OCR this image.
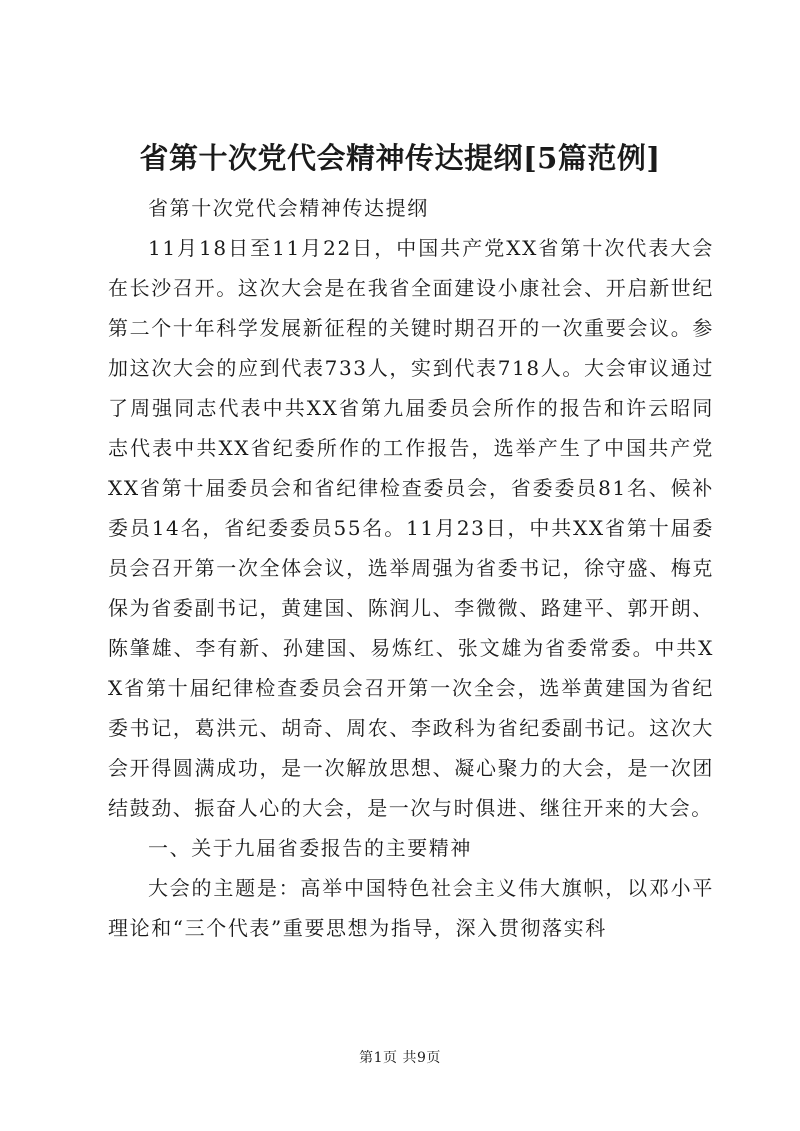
省第十次党代会精神传达提纲[5篇范例]

省第十次党代会精神传达提纲

11月18日至11月22日，中国共产党XX省第十次代表大会在长沙召开。这次大会是在我省全面建设小康社会、开启新世纪第二个十年科学发展新征程的关键时期召开的一次重要会议。参加这次大会的应到代表733人，实到代表718人。大会审议通过了周强同志代表中共XX省第九届委员会所作的报告和许云昭同志代表中共XX省纪委所作的工作报告，选举产生了中国共产党XX省第十届委员会和省纪律检查委员会，省委委员81名、候补委员14名，省纪委委员55名。11月23日，中共XX省第十届委员会召开第一次全体会议，选举周强为省委书记，徐守盛、梅克保为省委副书记，黄建国、陈润儿、李微微、路建平、郭开朗、陈肇雄、李有新、孙建国、易炼红、张文雄为省委常委。中共XX省第十届纪律检查委员会召开第一次全会，选举黄建国为省纪委书记，葛洪元、胡奇、周农、李政科为省纪委副书记。这次大会开得圆满成功，是一次解放思想、凝心聚力的大会，是一次团结鼓劲、振奋人心的大会，是一次与时俱进、继往开来的大会。

一、关于九届省委报告的主要精神

大会的主题是：高举中国特色社会主义伟大旗帜，以邓小平理论和“三个代表”重要思想为指导，深入贯彻落实科

第1页 共9页
